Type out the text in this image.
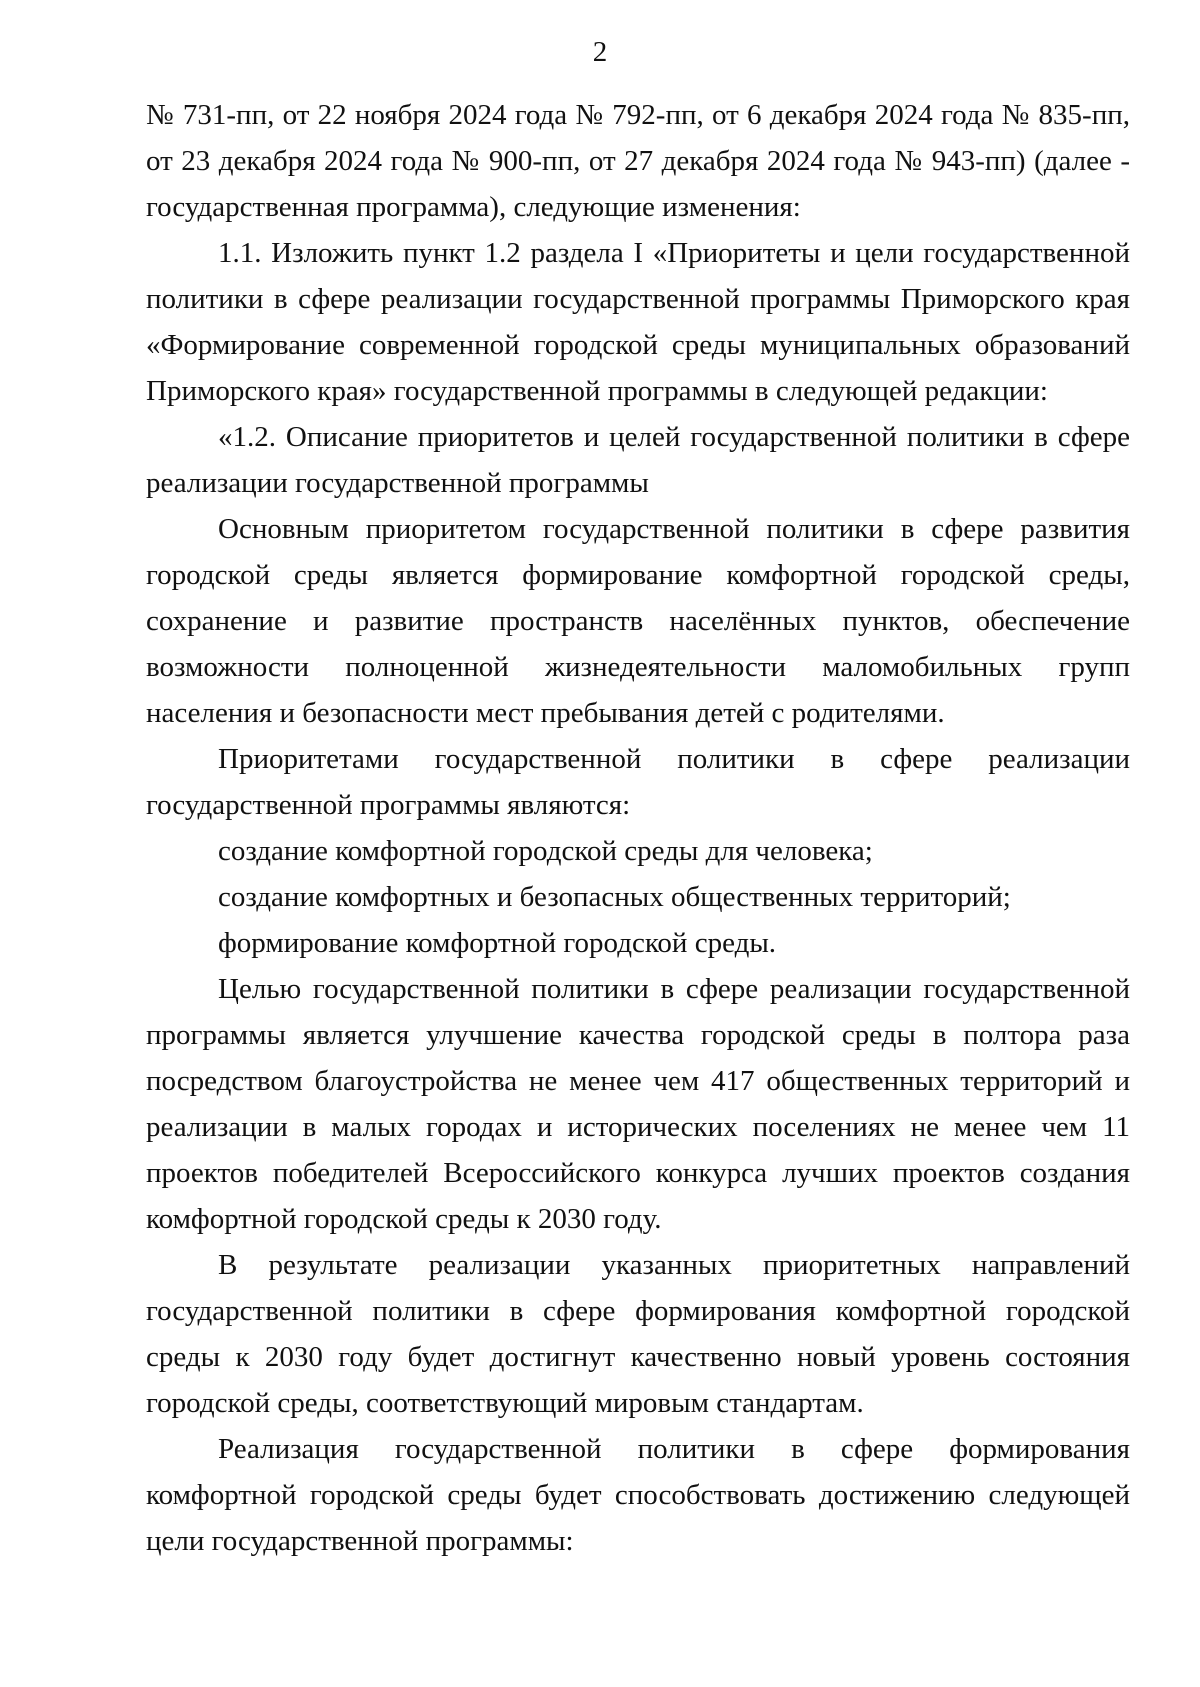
2

№ 731-пп, от 22 ноября 2024 года № 792-пп, от 6 декабря 2024 года № 835-пп, от 23 декабря 2024 года № 900-пп, от 27 декабря 2024 года № 943-пп) (далее - государственная программа), следующие изменения:

1.1. Изложить пункт 1.2 раздела I «Приоритеты и цели государственной политики в сфере реализации государственной программы Приморского края «Формирование современной городской среды муниципальных образований Приморского края» государственной программы в следующей редакции:

«1.2. Описание приоритетов и целей государственной политики в сфере реализации государственной программы

Основным приоритетом государственной политики в сфере развития городской среды является формирование комфортной городской среды, сохранение и развитие пространств населённых пунктов, обеспечение возможности полноценной жизнедеятельности маломобильных групп населения и безопасности мест пребывания детей с родителями.

Приоритетами государственной политики в сфере реализации государственной программы являются:

создание комфортной городской среды для человека;

создание комфортных и безопасных общественных территорий;

формирование комфортной городской среды.

Целью государственной политики в сфере реализации государственной программы является улучшение качества городской среды в полтора раза посредством благоустройства не менее чем 417 общественных территорий и реализации в малых городах и исторических поселениях не менее чем 11 проектов победителей Всероссийского конкурса лучших проектов создания комфортной городской среды к 2030 году.

В результате реализации указанных приоритетных направлений государственной политики в сфере формирования комфортной городской среды к 2030 году будет достигнут качественно новый уровень состояния городской среды, соответствующий мировым стандартам.

Реализация государственной политики в сфере формирования комфортной городской среды будет способствовать достижению следующей цели государственной программы:
